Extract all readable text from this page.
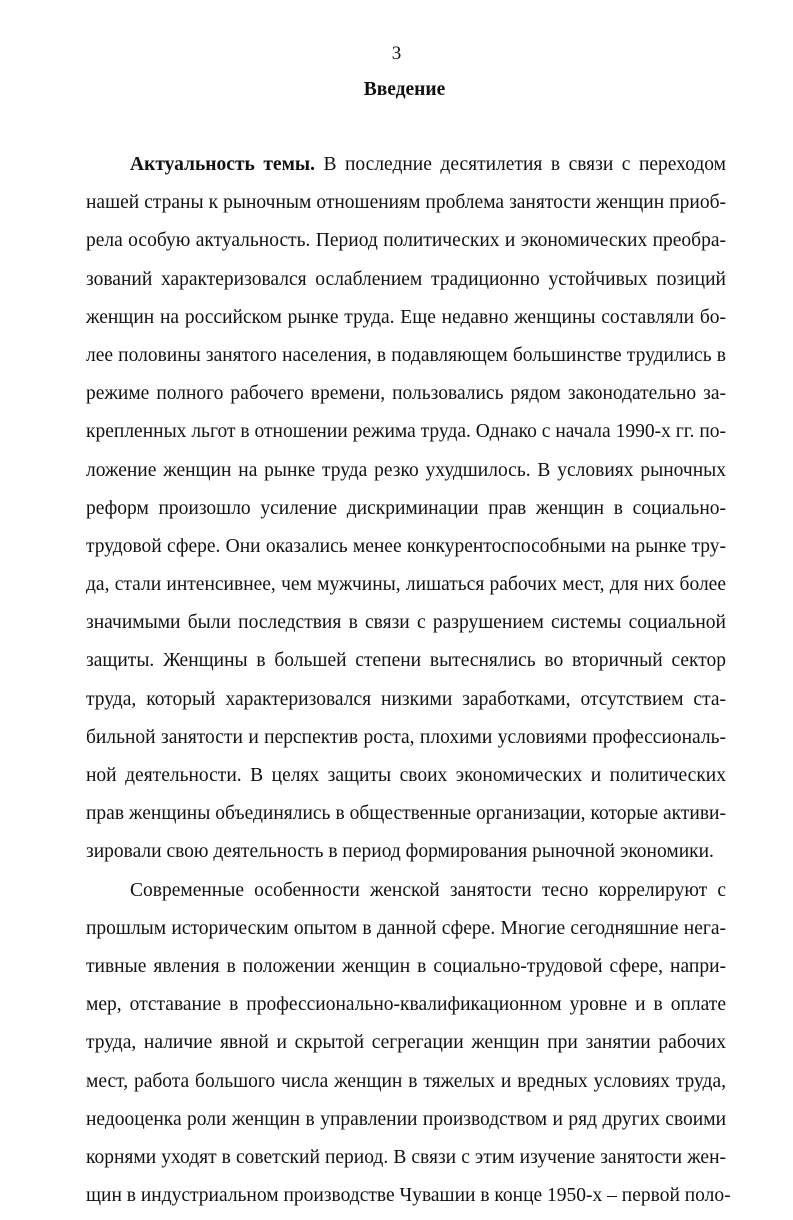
3
Введение
Актуальность темы. В последние десятилетия в связи с переходом
нашей страны к рыночным отношениям проблема занятости женщин приоб-
рела особую актуальность. Период политических и экономических преобра-
зований характеризовался ослаблением традиционно устойчивых позиций
женщин на российском рынке труда. Еще недавно женщины составляли бо-
лее половины занятого населения, в подавляющем большинстве трудились в
режиме полного рабочего времени, пользовались рядом законодательно за-
крепленных льгот в отношении режима труда. Однако с начала 1990-х гг. по-
ложение женщин на рынке труда резко ухудшилось. В условиях рыночных
реформ произошло усиление дискриминации прав женщин в социально-
трудовой сфере. Они оказались менее конкурентоспособными на рынке тру-
да, стали интенсивнее, чем мужчины, лишаться рабочих мест, для них более
значимыми были последствия в связи с разрушением системы социальной
защиты. Женщины в большей степени вытеснялись во вторичный сектор
труда, который характеризовался низкими заработками, отсутствием ста-
бильной занятости и перспектив роста, плохими условиями профессиональ-
ной деятельности. В целях защиты своих экономических и политических
прав женщины объединялись в общественные организации, которые активи-
зировали свою деятельность в период формирования рыночной экономики.
Современные особенности женской занятости тесно коррелируют с
прошлым историческим опытом в данной сфере. Многие сегодняшние нега-
тивные явления в положении женщин в социально-трудовой сфере, напри-
мер, отставание в профессионально-квалификационном уровне и в оплате
труда, наличие явной и скрытой сегрегации женщин при занятии рабочих
мест, работа большого числа женщин в тяжелых и вредных условиях труда,
недооценка роли женщин в управлении производством и ряд других своими
корнями уходят в советский период. В связи с этим изучение занятости жен-
щин в индустриальном производстве Чувашии в конце 1950-х – первой поло-
